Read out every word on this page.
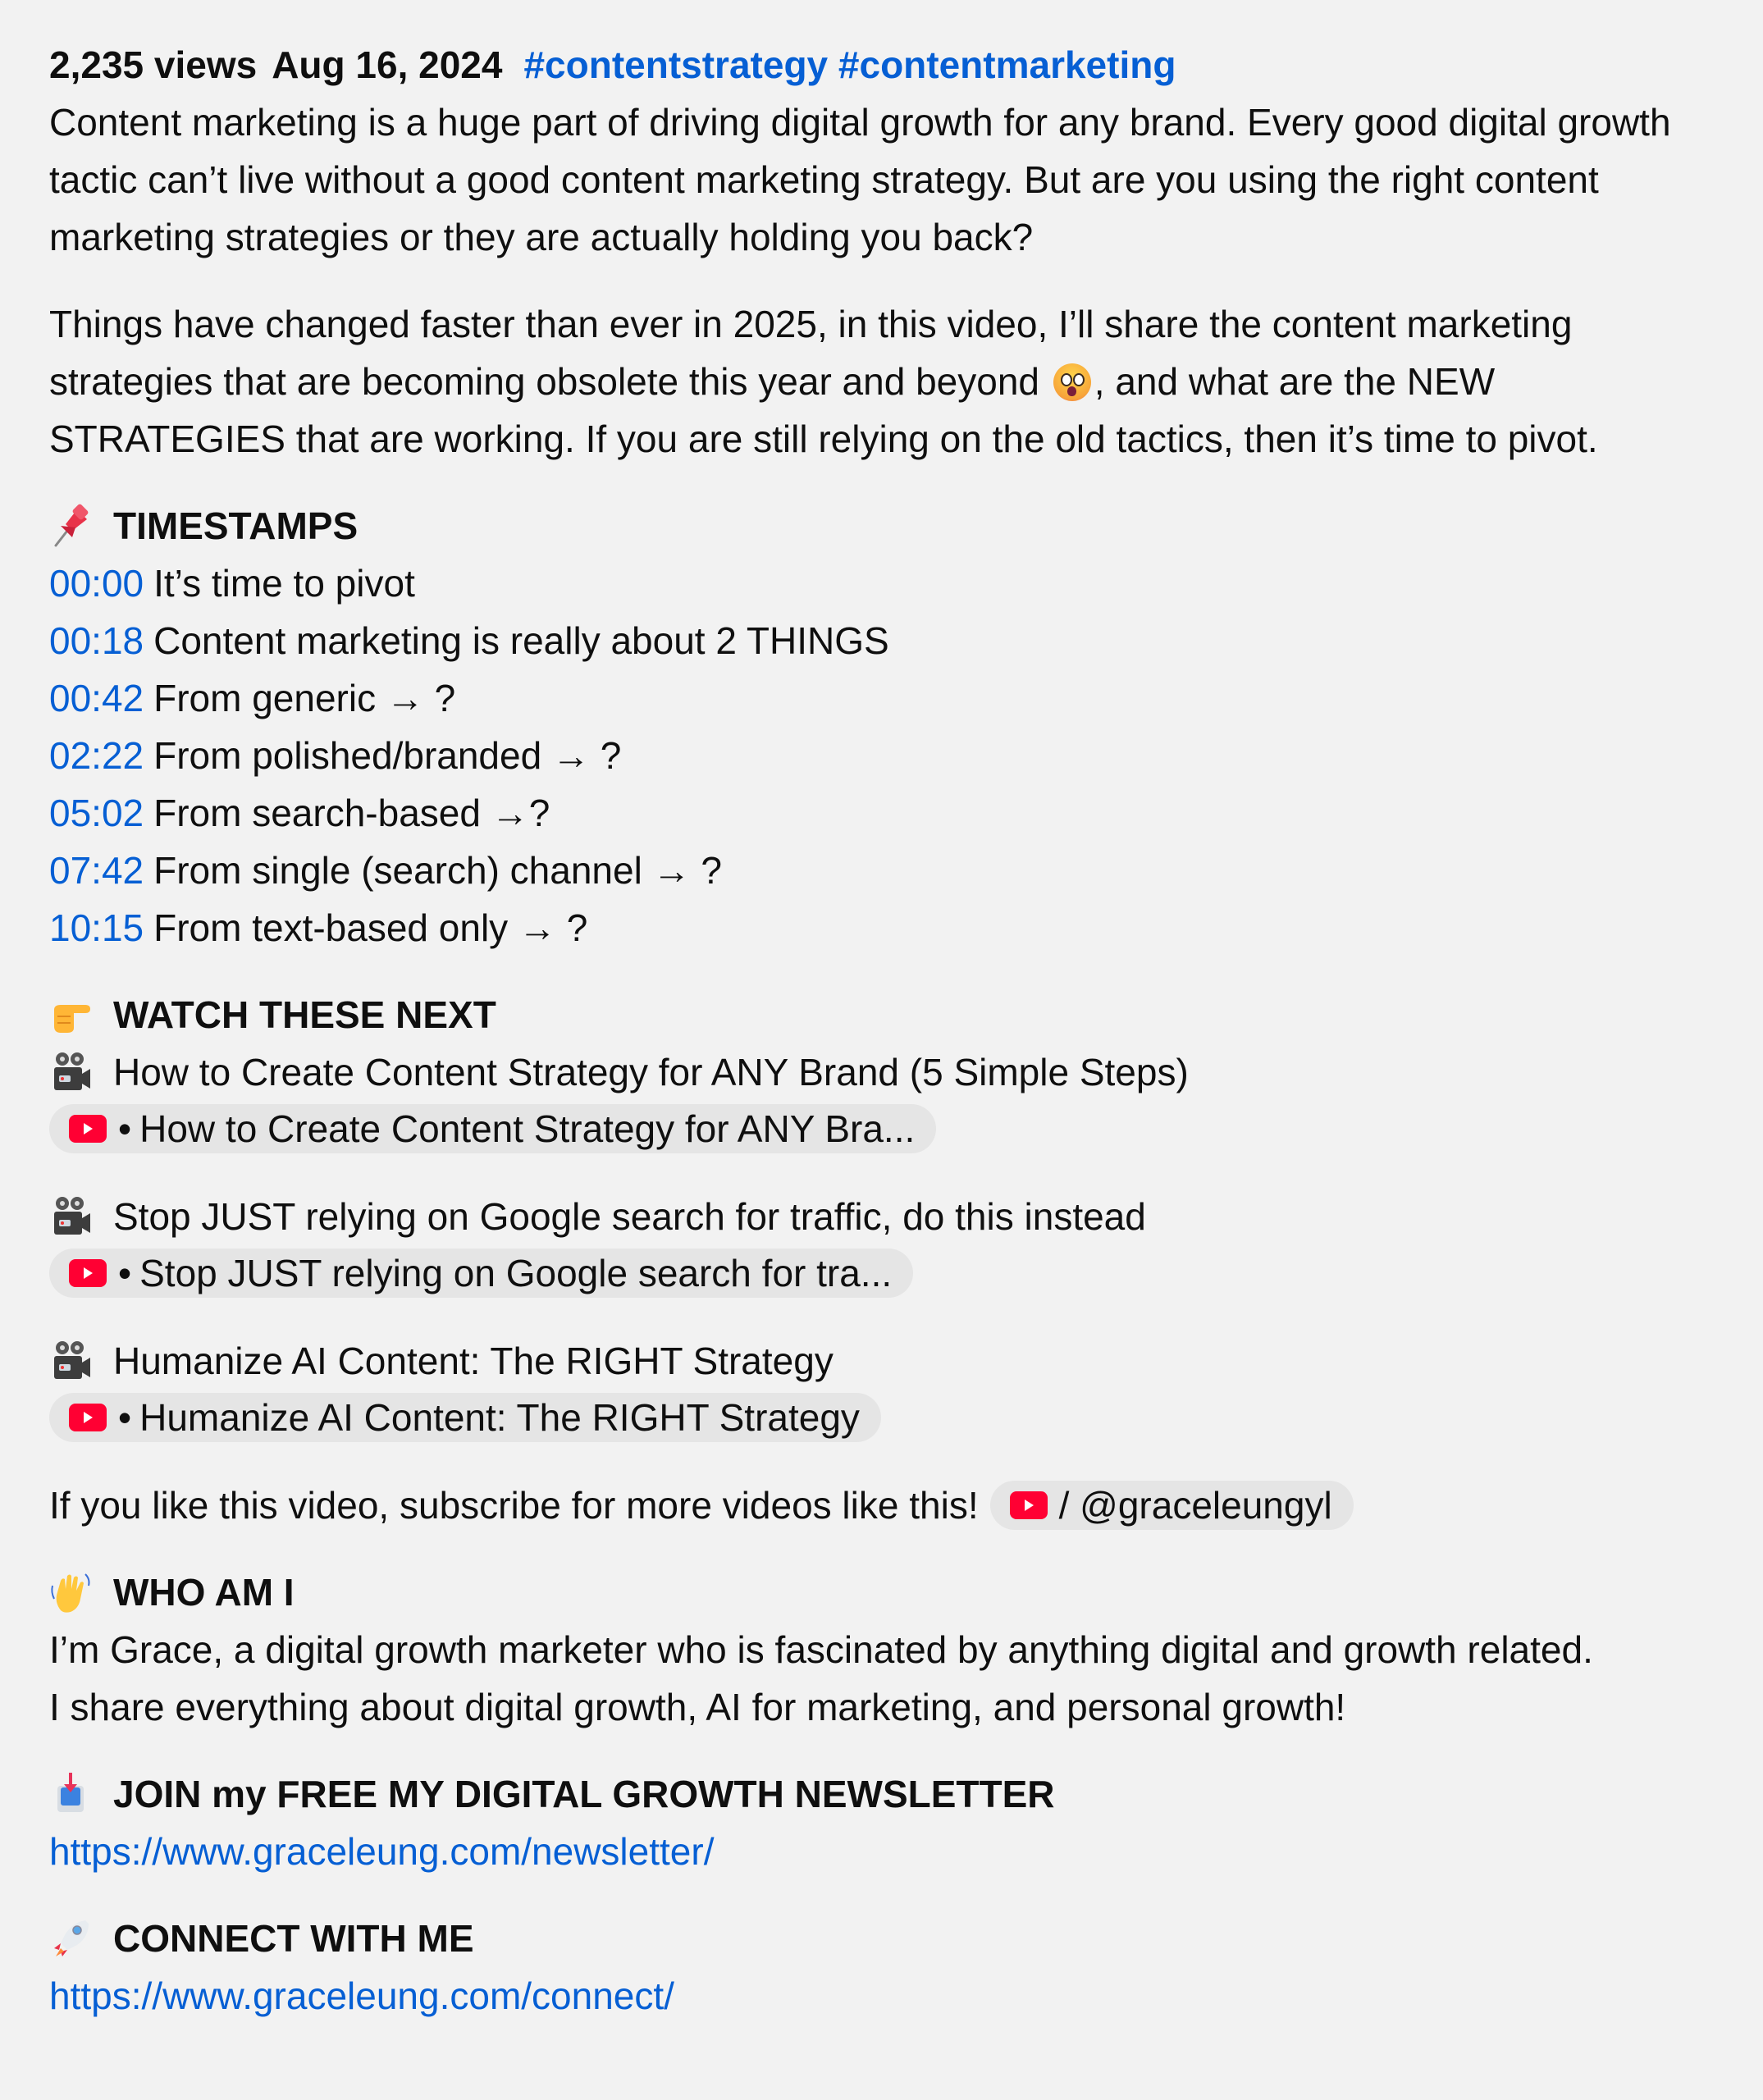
2,235 views Aug 16, 2024 #contentstrategy #contentmarketing

Content marketing is a huge part of driving digital growth for any brand. Every good digital growth tactic can’t live without a good content marketing strategy. But are you using the right content marketing strategies or they are actually holding you back?

Things have changed faster than ever in 2025, in this video, I’ll share the content marketing strategies that are becoming obsolete this year and beyond , and what are the NEW STRATEGIES that are working. If you are still relying on the old tactics, then it’s time to pivot.

TIMESTAMPS
00:00 It’s time to pivot
00:18 Content marketing is really about 2 THINGS
00:42 From generic → ?
02:22 From polished/branded → ?
05:02 From search-based →?
07:42 From single (search) channel → ?
10:15 From text-based only → ?
WATCH THESE NEXT
How to Create Content Strategy for ANY Brand (5 Simple Steps)
• How to Create Content Strategy for ANY Bra...
Stop JUST relying on Google search for traffic, do this instead
• Stop JUST relying on Google search for tra...
Humanize AI Content: The RIGHT Strategy
• Humanize AI Content: The RIGHT Strategy
If you like this video, subscribe for more videos like this! / @graceleungyl
WHO AM I
I’m Grace, a digital growth marketer who is fascinated by anything digital and growth related.
I share everything about digital growth, AI for marketing, and personal growth!
JOIN my FREE MY DIGITAL GROWTH NEWSLETTER
https://www.graceleung.com/newsletter/
CONNECT WITH ME
https://www.graceleung.com/connect/
